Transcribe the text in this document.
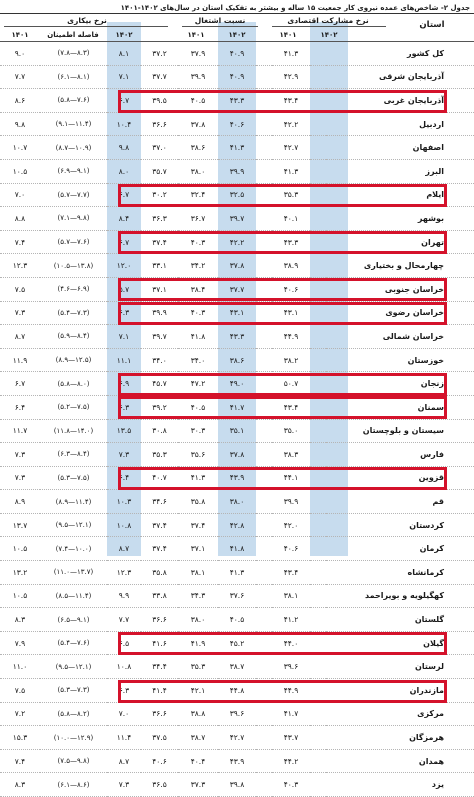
جدول ۲- شاخص‌های عمده نیروی کار جمعیت ۱۵ ساله و بیشتر به تفکیک استان در سال‌های ۱۴۰۲-۱۴۰۱
استان
نرخ مشارکت اقتصادی
نسبت اشتغال
نرخ بیکاری
۱۴۰۲
۱۴۰۱
۱۴۰۲
۱۴۰۱
۱۴۰۲
فاصله اطمینان
۱۴۰۱
۹.۰	(۷.۸—۸.۳)	۸.۱	۳۷.۲	۳۷.۹	۴۰.۹		۴۱.۳		کل کشور
۷.۷	(۶.۱—۸.۱)	۷.۱	۳۷.۷	۳۹.۹	۴۰.۹		۴۲.۹		آذربایجان شرقی
۸.۶	(۵.۸—۷.۶)	۶.۷	۳۹.۵	۴۰.۵	۴۳.۳		۴۳.۴		آذربایجان غربی
۹.۸	(۹.۱—۱۱.۴)	۱۰.۴	۳۶.۶	۳۷.۸	۴۰.۶		۴۲.۲		اردبیل
۱۰.۷	(۸.۷—۱۰.۹)	۹.۸	۳۷.۰	۳۸.۶	۴۱.۳		۴۲.۷		اصفهان
۱۰.۵	(۶.۹—۹.۱)	۸.۰	۳۵.۷	۳۸.۰	۳۹.۹		۴۱.۳		البرز
۷.۰	(۵.۷—۷.۷)	۶.۷	۳۰.۲	۳۲.۴	۳۲.۵		۳۵.۳		ایلام
۸.۸	(۷.۱—۹.۸)	۸.۴	۳۶.۳	۳۶.۷	۳۹.۷		۴۰.۱		بوشهر
۷.۴	(۵.۷—۷.۶)	۶.۷	۳۷.۴	۴۰.۳	۴۲.۲		۴۳.۳		تهران
۱۲.۳	(۱۰.۵—۱۳.۸)	۱۲.۰	۳۳.۱	۳۴.۲	۳۷.۸		۳۸.۹		چهارمحال و بختیاری
۷.۵	(۴.۶—۶.۹)	۵.۷	۳۷.۱	۳۸.۴	۳۷.۷		۴۰.۶		خراسان جنوبی
۷.۳	(۵.۴—۷.۳)	۶.۳	۳۹.۹	۴۰.۳	۴۳.۱		۴۳.۱		خراسان رضوی
۸.۷	(۵.۹—۸.۴)	۷.۱	۳۹.۷	۴۱.۸	۴۳.۳		۴۴.۹		خراسان شمالی
۱۱.۹	(۸.۹—۱۲.۵)	۱۱.۱	۳۴.۰	۳۴.۰	۳۸.۶		۳۸.۲		خوزستان
۶.۷	(۵.۸—۸.۰)	۶.۹	۴۵.۷	۴۷.۲	۴۹.۰		۵۰.۷		زنجان
۶.۴	(۵.۲—۷.۵)	۶.۳	۳۹.۲	۴۰.۵	۴۱.۷		۴۳.۴		سمنان
۱۱.۷	(۱۱.۸—۱۴.۰)	۱۳.۵	۳۰.۸	۳۰.۳	۳۵.۱		۳۵.۰		سیستان و بلوچستان
۷.۳	(۶.۳—۸.۴)	۷.۳	۳۵.۳	۳۵.۶	۳۷.۸		۳۸.۳		فارس
۷.۳	(۵.۳—۷.۵)	۶.۴	۴۰.۷	۴۱.۳	۴۳.۹		۴۴.۱		قزوین
۸.۹	(۸.۹—۱۱.۴)	۱۰.۳	۳۴.۶	۳۵.۸	۳۸.۰		۳۹.۹		قم
۱۳.۷	(۹.۵—۱۲.۱)	۱۰.۸	۳۷.۴	۳۷.۴	۴۲.۸		۴۲.۰		کردستان
۱۰.۵	(۷.۴—۱۰.۰)	۸.۷	۳۷.۴	۳۷.۱	۴۱.۸		۴۰.۶		کرمان
۱۳.۲	(۱۱.۰—۱۳.۷)	۱۲.۳	۳۵.۸	۳۸.۱	۴۱.۳		۴۳.۴		کرمانشاه
۱۰.۵	(۸.۵—۱۱.۴)	۹.۹	۳۳.۸	۳۴.۳	۳۷.۶		۳۸.۱		کهگیلویه و بویراحمد
۸.۳	(۶.۵—۹.۱)	۷.۷	۳۶.۶	۳۸.۰	۴۰.۵		۴۱.۲		گلستان
۷.۹	(۵.۴—۷.۶)	۶.۵	۴۱.۶	۴۱.۹	۴۵.۲		۴۴.۰		گیلان
۱۱.۰	(۹.۵—۱۲.۱)	۱۰.۸	۳۴.۴	۳۵.۳	۳۸.۷		۳۹.۶		لرستان
۷.۵	(۵.۳—۷.۳)	۶.۳	۴۱.۴	۴۲.۱	۴۴.۸		۴۴.۹		مازندران
۷.۲	(۵.۸—۸.۲)	۷.۰	۳۶.۶	۳۸.۸	۳۹.۶		۴۱.۷		مرکزی
۱۵.۳	(۱۰.۰—۱۲.۹)	۱۱.۴	۳۷.۵	۳۸.۷	۴۲.۷		۴۳.۷		هرمزگان
۷.۴	(۷.۵—۹.۸)	۸.۷	۴۰.۶	۴۰.۴	۴۳.۹		۴۴.۲		همدان
۸.۳	(۶.۱—۸.۶)	۷.۳	۳۶.۵	۳۷.۳	۳۹.۸		۴۰.۳		یزد
